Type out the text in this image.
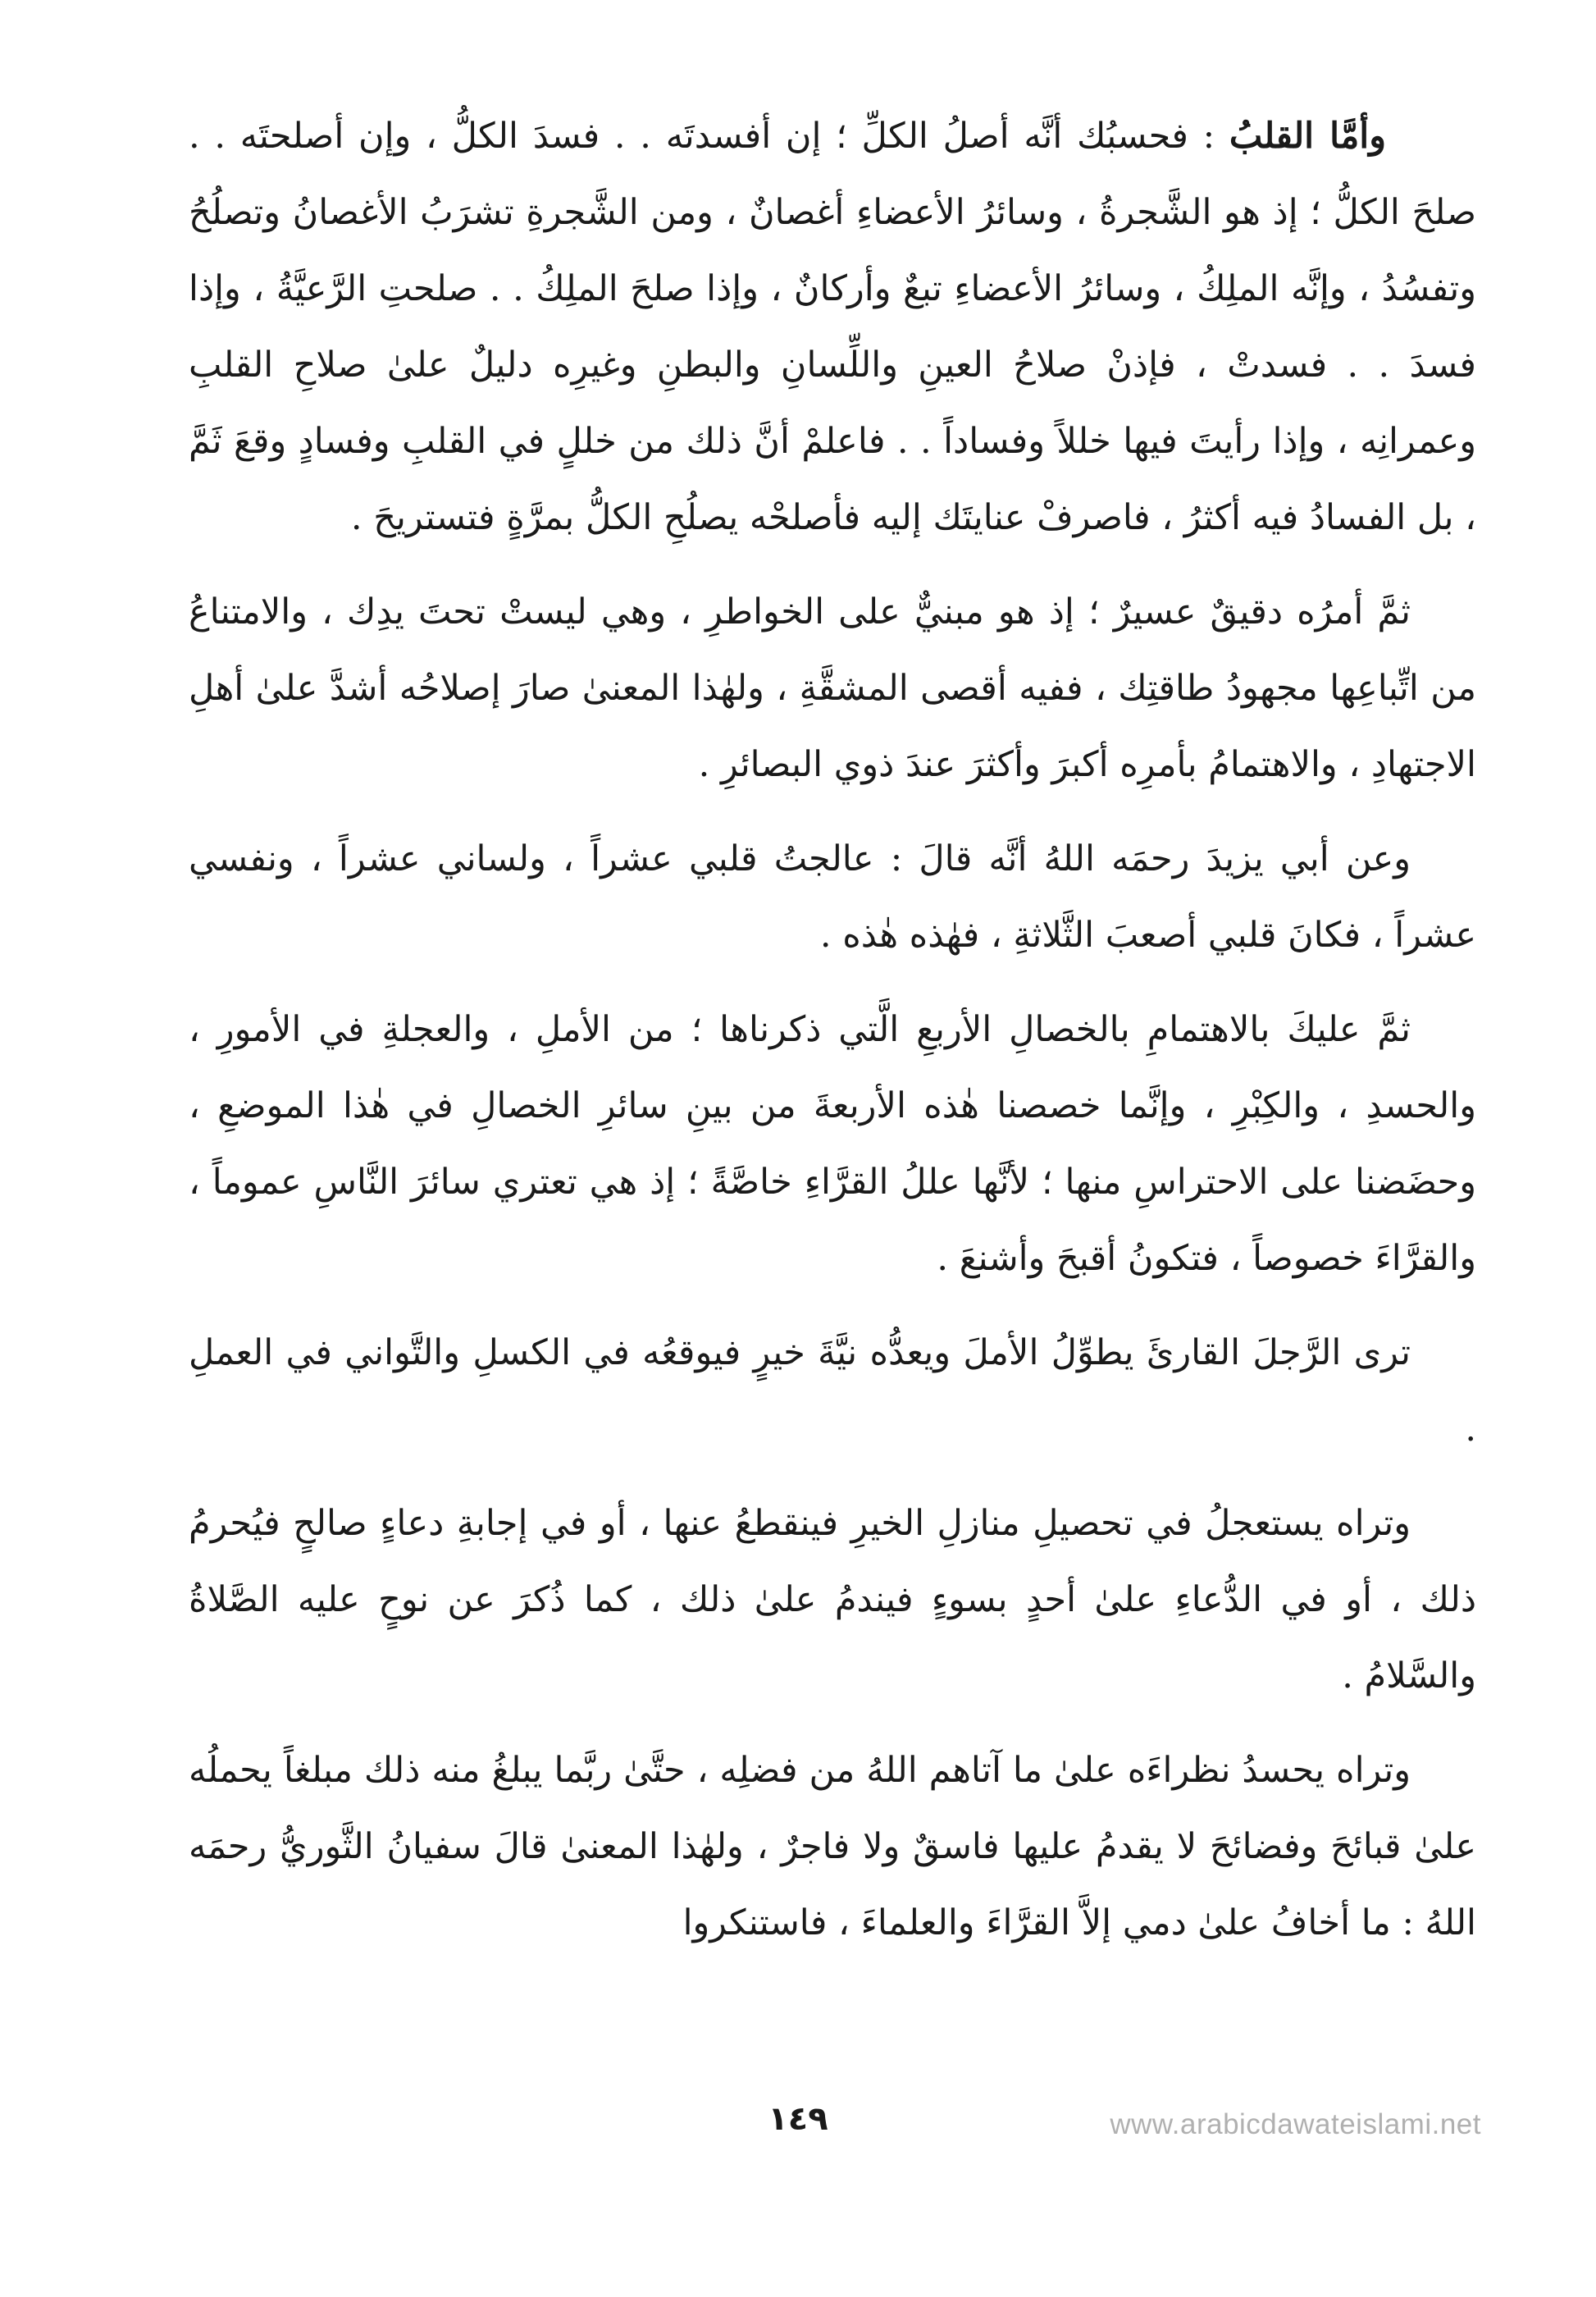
وأمَّا القلبُ : فحسبُك أنَّه أصلُ الكلِّ ؛ إن أفسدتَه . . فسدَ الكلُّ ، وإن أصلحتَه . . صلحَ الكلُّ ؛ إذ هو الشَّجرةُ ، وسائرُ الأعضاءِ أغصانٌ ، ومن الشَّجرةِ تشرَبُ الأغصانُ وتصلُحُ وتفسُدُ ، وإنَّه الملِكُ ، وسائرُ الأعضاءِ تبعٌ وأركانٌ ، وإذا صلحَ الملِكُ . . صلحتِ الرَّعيَّةُ ، وإذا فسدَ . . فسدتْ ، فإذنْ صلاحُ العينِ واللِّسانِ والبطنِ وغيرِه دليلٌ علىٰ صلاحِ القلبِ وعمرانِه ، وإذا رأيتَ فيها خللاً وفساداً . . فاعلمْ أنَّ ذلك من خللٍ في القلبِ وفسادٍ وقعَ ثَمَّ ، بل الفسادُ فيه أكثرُ ، فاصرفْ عنايتَك إليه فأصلحْه يصلُحِ الكلُّ بمرَّةٍ فتستريحَ .

ثمَّ أمرُه دقيقٌ عسيرٌ ؛ إذ هو مبنيٌّ على الخواطرِ ، وهي ليستْ تحتَ يدِك ، والامتناعُ من اتِّباعِها مجهودُ طاقتِك ، ففيه أقصى المشقَّةِ ، ولهٰذا المعنىٰ صارَ إصلاحُه أشدَّ علىٰ أهلِ الاجتهادِ ، والاهتمامُ بأمرِه أكبرَ وأكثرَ عندَ ذوي البصائرِ .

وعن أبي يزيدَ رحمَه اللهُ أنَّه قالَ : عالجتُ قلبي عشراً ، ولساني عشراً ، ونفسي عشراً ، فكانَ قلبي أصعبَ الثَّلاثةِ ، فهٰذه هٰذه .

ثمَّ عليكَ بالاهتمامِ بالخصالِ الأربعِ الَّتي ذكرناها ؛ من الأملِ ، والعجلةِ في الأمورِ ، والحسدِ ، والكِبْرِ ، وإنَّما خصصنا هٰذه الأربعةَ من بينِ سائرِ الخصالِ في هٰذا الموضعِ ، وحضَضنا على الاحتراسِ منها ؛ لأنَّها عللُ القرَّاءِ خاصَّةً ؛ إذ هي تعتري سائرَ النَّاسِ عموماً ، والقرَّاءَ خصوصاً ، فتكونُ أقبحَ وأشنعَ .

ترى الرَّجلَ القارئَ يطوِّلُ الأملَ ويعدُّه نيَّةَ خيرٍ فيوقعُه في الكسلِ والتَّواني في العملِ .

وتراه يستعجلُ في تحصيلِ منازلِ الخيرِ فينقطعُ عنها ، أو في إجابةِ دعاءٍ صالحٍ فيُحرمُ ذلك ، أو في الدُّعاءِ علىٰ أحدٍ بسوءٍ فيندمُ علىٰ ذلك ، كما ذُكرَ عن نوحٍ عليه الصَّلاةُ والسَّلامُ .

وتراه يحسدُ نظراءَه علىٰ ما آتاهم اللهُ من فضلِه ، حتَّىٰ ربَّما يبلغُ منه ذلك مبلغاً يحملُه علىٰ قبائحَ وفضائحَ لا يقدمُ عليها فاسقٌ ولا فاجرٌ ، ولهٰذا المعنىٰ قالَ سفيانُ الثَّوريُّ رحمَه اللهُ : ما أخافُ علىٰ دمي إلاَّ القرَّاءَ والعلماءَ ، فاستنكروا

١٤٩	www.arabicdawateislami.net
